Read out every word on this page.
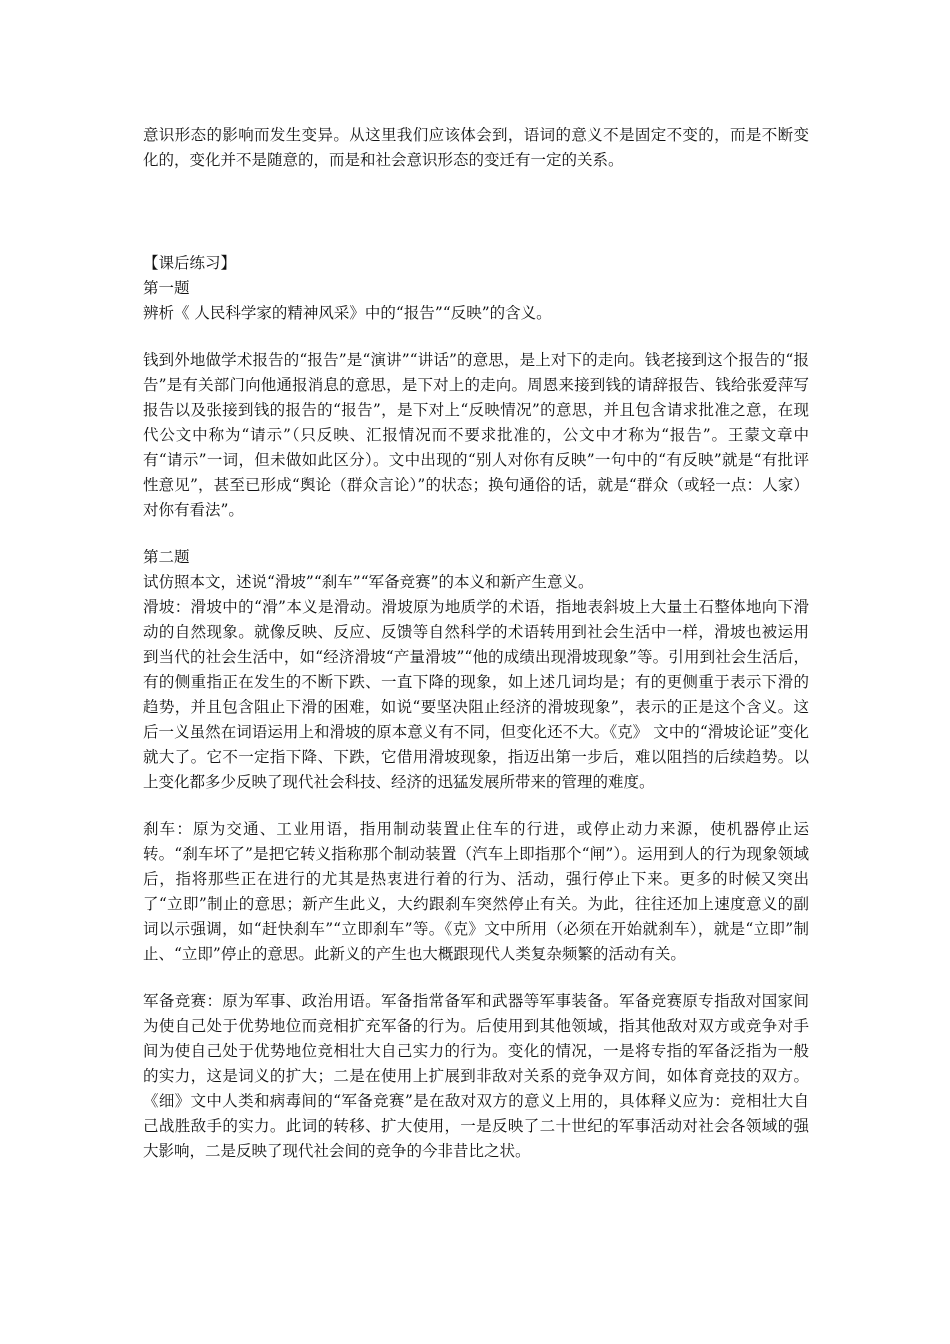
意识形态的影响而发生变异。从这里我们应该体会到，语词的意义不是固定不变的，而是不断变化的，变化并不是随意的，而是和社会意识形态的变迁有一定的关系。

【课后练习】

第一题

辨析《 人民科学家的精神风采》中的“报告”“反映”的含义。

钱到外地做学术报告的“报告”是“演讲”“讲话”的意思，是上对下的走向。钱老接到这个报告的“报告”是有关部门向他通报消息的意思，是下对上的走向。周恩来接到钱的请辞报告、钱给张爱萍写报告以及张接到钱的报告的“报告”，是下对上“反映情况”的意思，并且包含请求批准之意，在现代公文中称为“请示”（只反映、汇报情况而不要求批准的，公文中才称为“报告”。王蒙文章中有“请示”一词，但未做如此区分）。文中出现的“别人对你有反映”一句中的“有反映”就是“有批评性意见”，甚至已形成“舆论（群众言论）”的状态；换句通俗的话，就是“群众（或轻一点：人家）对你有看法”。

第二题

试仿照本文，述说“滑坡”“刹车”“军备竞赛”的本义和新产生意义。

滑坡：滑坡中的“滑”本义是滑动。滑坡原为地质学的术语，指地表斜坡上大量土石整体地向下滑动的自然现象。就像反映、反应、反馈等自然科学的术语转用到社会生活中一样，滑坡也被运用到当代的社会生活中，如“经济滑坡“产量滑坡”“他的成绩出现滑坡现象”等。引用到社会生活后，有的侧重指正在发生的不断下跌、一直下降的现象，如上述几词均是；有的更侧重于表示下滑的趋势，并且包含阻止下滑的困难，如说“要坚决阻止经济的滑坡现象”，表示的正是这个含义。这后一义虽然在词语运用上和滑坡的原本意义有不同，但变化还不大。《克》 文中的“滑坡论证”变化就大了。它不一定指下降、下跌，它借用滑坡现象，指迈出第一步后，难以阻挡的后续趋势。以上变化都多少反映了现代社会科技、经济的迅猛发展所带来的管理的难度。

刹车：原为交通、工业用语，指用制动装置止住车的行进，或停止动力来源，使机器停止运转。“刹车坏了”是把它转义指称那个制动装置（汽车上即指那个“闸”）。运用到人的行为现象领域后，指将那些正在进行的尤其是热衷进行着的行为、活动，强行停止下来。更多的时候又突出了“立即”制止的意思；新产生此义，大约跟刹车突然停止有关。为此，往往还加上速度意义的副词以示强调，如“赶快刹车”“立即刹车”等。《克》文中所用（必须在开始就刹车），就是“立即”制止、“立即”停止的意思。此新义的产生也大概跟现代人类复杂频繁的活动有关。

军备竞赛：原为军事、政治用语。军备指常备军和武器等军事装备。军备竞赛原专指敌对国家间为使自己处于优势地位而竞相扩充军备的行为。后使用到其他领域，指其他敌对双方或竞争对手间为使自己处于优势地位竞相壮大自己实力的行为。变化的情况，一是将专指的军备泛指为一般的实力，这是词义的扩大；二是在使用上扩展到非敌对关系的竞争双方间，如体育竞技的双方。《细》文中人类和病毒间的“军备竞赛”是在敌对双方的意义上用的，具体释义应为：竞相壮大自己战胜敌手的实力。此词的转移、扩大使用，一是反映了二十世纪的军事活动对社会各领域的强大影响，二是反映了现代社会间的竞争的今非昔比之状。
